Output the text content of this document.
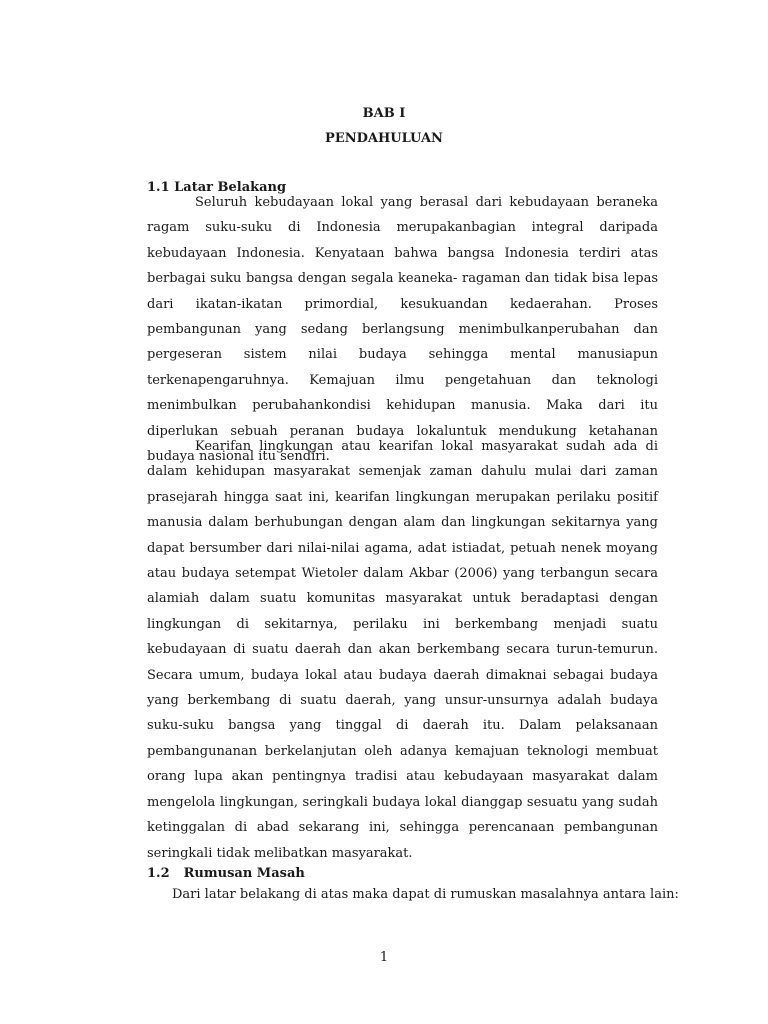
BAB I
PENDAHULUAN
1.1 Latar Belakang

Seluruh kebudayaan lokal yang berasal dari kebudayaan beraneka ragam suku-suku di Indonesia merupakanbagian integral daripada kebudayaan Indonesia. Kenyataan bahwa bangsa Indonesia terdiri atas berbagai suku bangsa dengan segala keaneka- ragaman dan tidak bisa lepas dari ikatan-ikatan primordial, kesukuandan kedaerahan. Proses pembangunan yang sedang berlangsung menimbulkanperubahan dan pergeseran sistem nilai budaya sehingga mental manusiapun terkenapengaruhnya. Kemajuan ilmu pengetahuan dan teknologi menimbulkan perubahankondisi kehidupan manusia. Maka dari itu diperlukan sebuah peranan budaya lokaluntuk mendukung ketahanan budaya nasional itu sendiri.

Kearifan lingkungan atau kearifan lokal masyarakat sudah ada di dalam kehidupan masyarakat semenjak zaman dahulu mulai dari zaman prasejarah hingga saat ini, kearifan lingkungan merupakan perilaku positif manusia dalam berhubungan dengan alam dan lingkungan sekitarnya yang dapat bersumber dari nilai-nilai agama, adat istiadat, petuah nenek moyang atau budaya setempat Wietoler dalam Akbar (2006) yang terbangun secara alamiah dalam suatu komunitas masyarakat untuk beradaptasi dengan lingkungan di sekitarnya, perilaku ini berkembang menjadi suatu kebudayaan di suatu daerah dan akan berkembang secara turun-temurun. Secara umum, budaya lokal atau budaya daerah dimaknai sebagai budaya yang berkembang di suatu daerah, yang unsur-unsurnya adalah budaya suku-suku bangsa yang tinggal di daerah itu. Dalam pelaksanaan pembangunanan berkelanjutan oleh adanya kemajuan teknologi membuat orang lupa akan pentingnya tradisi atau kebudayaan masyarakat dalam mengelola lingkungan, seringkali budaya lokal dianggap sesuatu yang sudah ketinggalan di abad sekarang ini, sehingga perencanaan pembangunan seringkali tidak melibatkan masyarakat.

1.2 Rumusan Masah
Dari latar belakang di atas maka dapat di rumuskan masalahnya antara lain:
1
